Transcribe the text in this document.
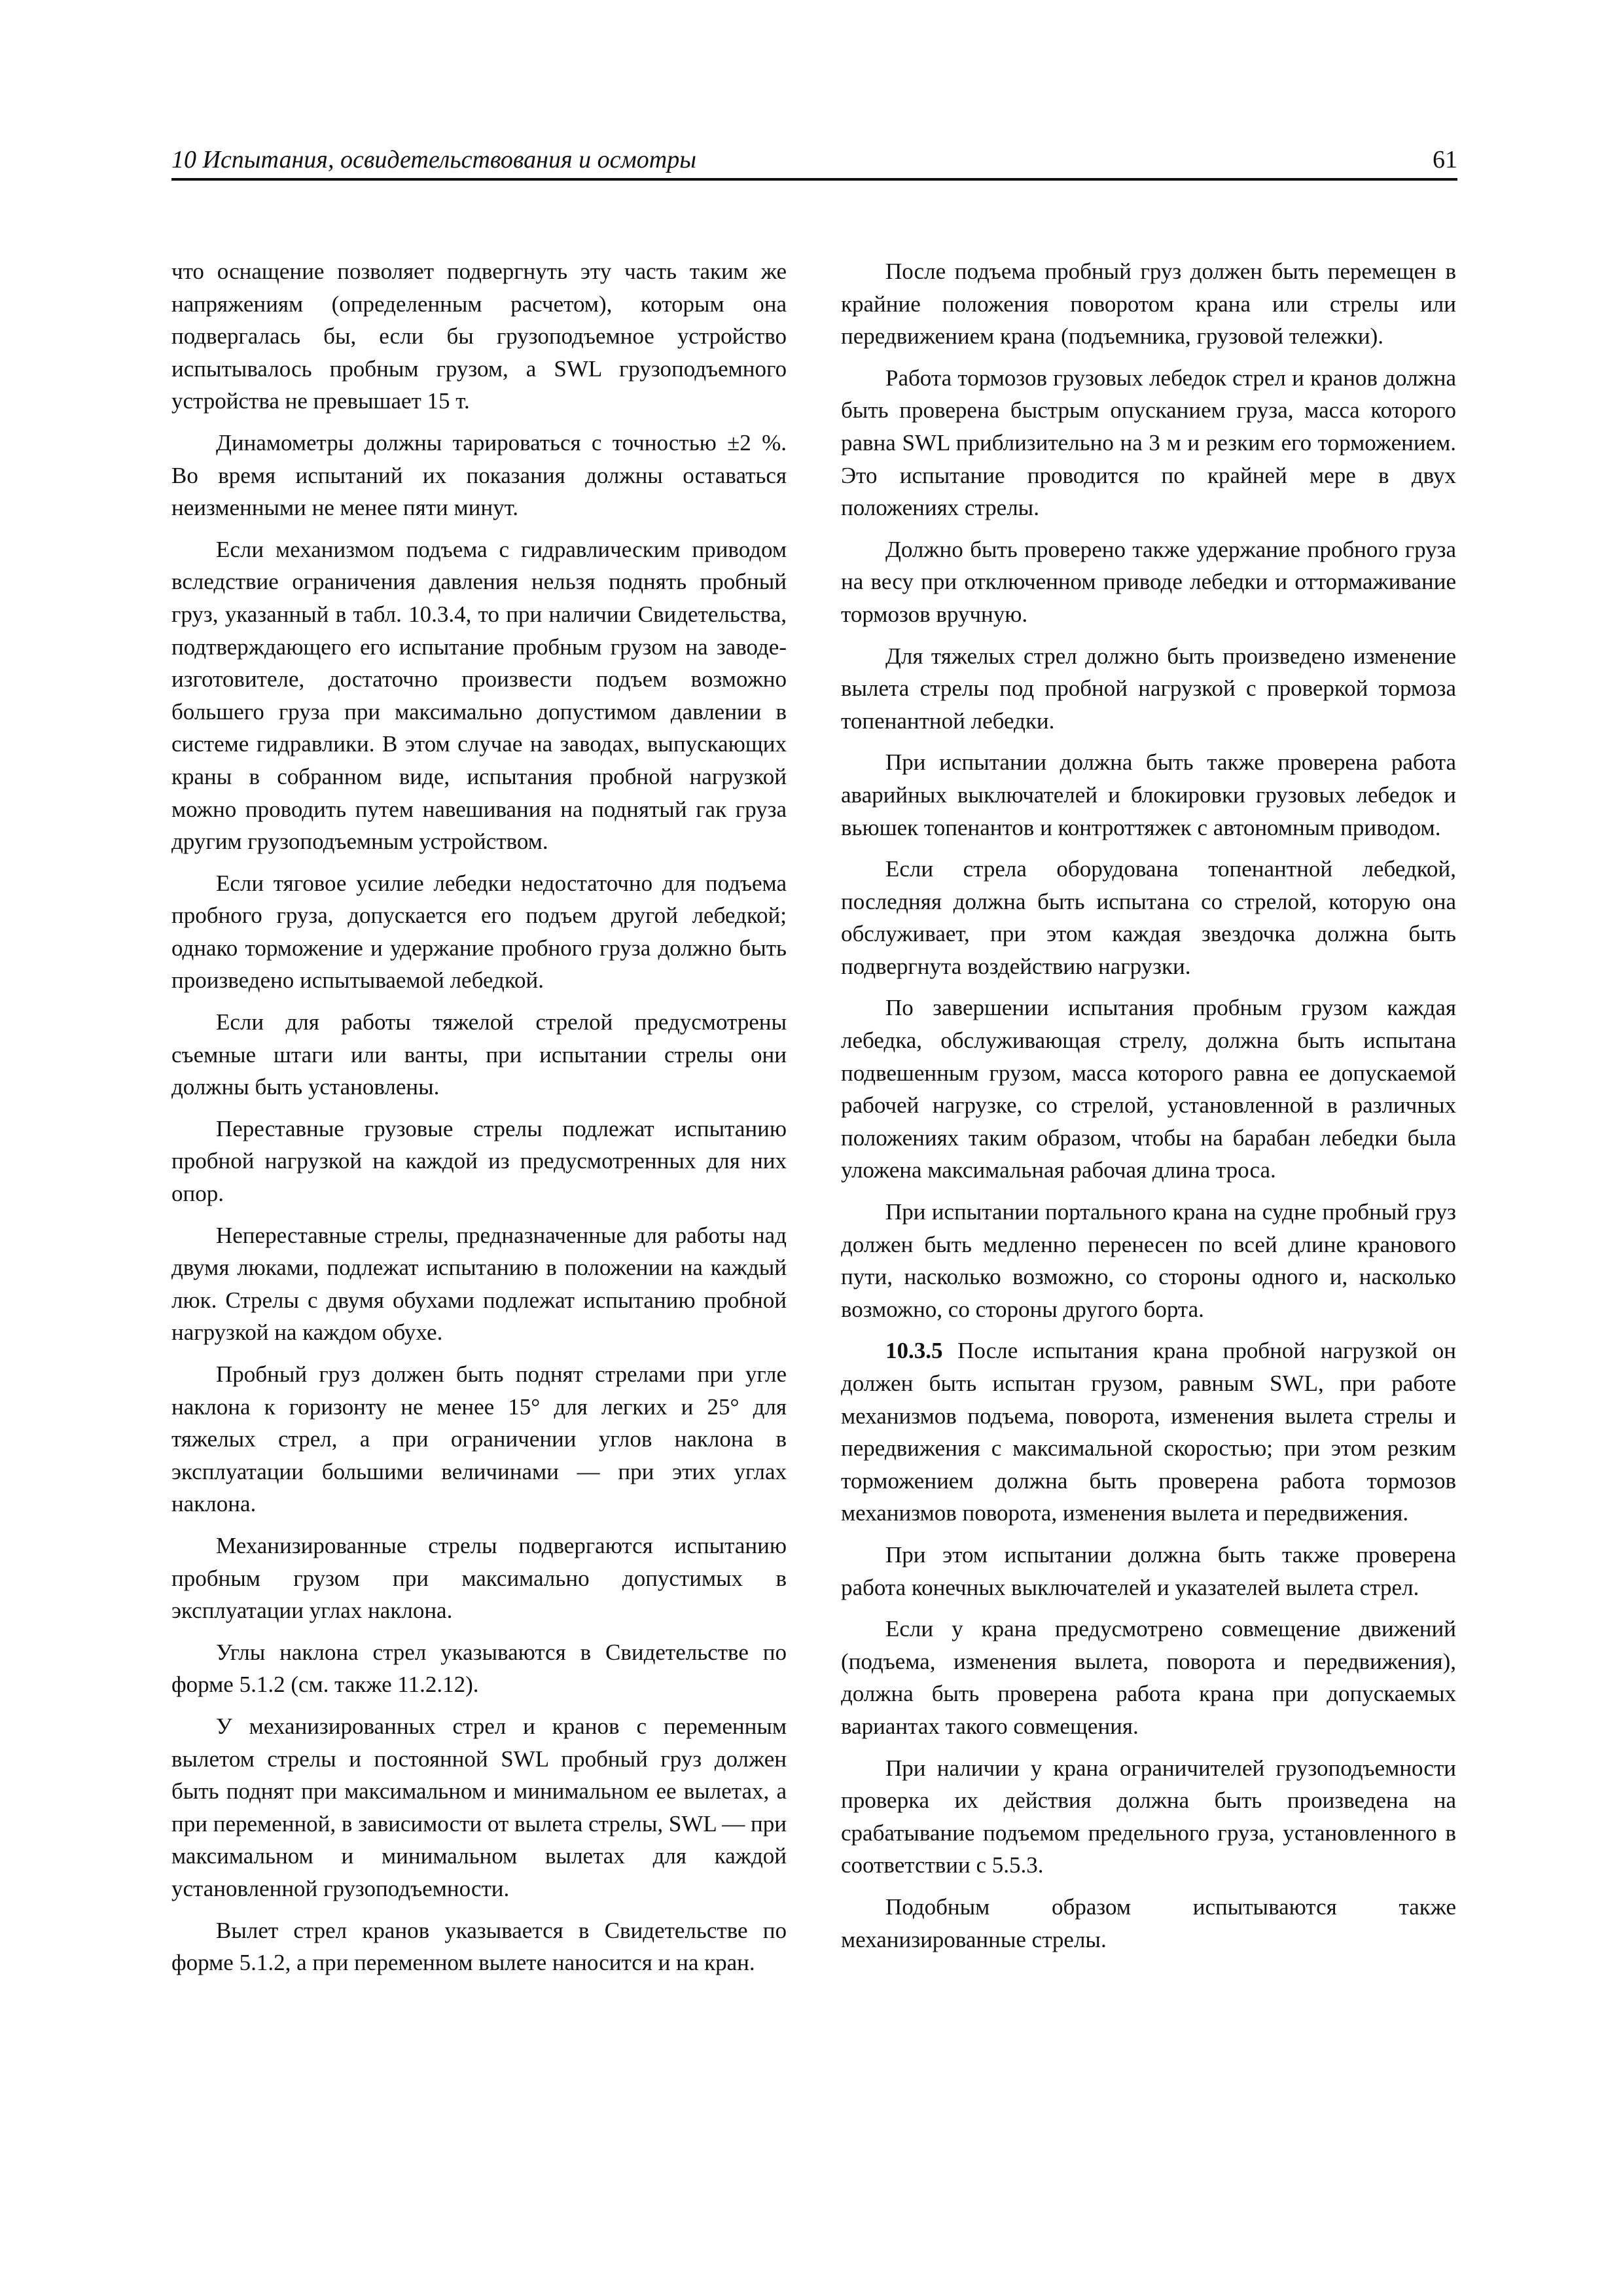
10 Испытания, освидетельствования и осмотры	61

что оснащение позволяет подвергнуть эту часть таким же напряжениям (определенным расчетом), которым она подвергалась бы, если бы грузоподъемное устройство испытывалось пробным грузом, а SWL грузоподъемного устройства не превышает 15 т.

Динамометры должны тарироваться с точностью ±2 %. Во время испытаний их показания должны оставаться неизменными не менее пяти минут.

Если механизмом подъема с гидравлическим приводом вследствие ограничения давления нельзя поднять пробный груз, указанный в табл. 10.3.4, то при наличии Свидетельства, подтверждающего его испытание пробным грузом на заводе-изготовителе, достаточно произвести подъем возможно большего груза при максимально допустимом давлении в системе гидравлики. В этом случае на заводах, выпускающих краны в собранном виде, испытания пробной нагрузкой можно проводить путем навешивания на поднятый гак груза другим грузоподъемным устройством.

Если тяговое усилие лебедки недостаточно для подъема пробного груза, допускается его подъем другой лебедкой; однако торможение и удержание пробного груза должно быть произведено испытываемой лебедкой.

Если для работы тяжелой стрелой предусмотрены съемные штаги или ванты, при испытании стрелы они должны быть установлены.

Переставные грузовые стрелы подлежат испытанию пробной нагрузкой на каждой из предусмотренных для них опор.

Непереставные стрелы, предназначенные для работы над двумя люками, подлежат испытанию в положении на каждый люк. Стрелы с двумя обухами подлежат испытанию пробной нагрузкой на каждом обухе.

Пробный груз должен быть поднят стрелами при угле наклона к горизонту не менее 15° для легких и 25° для тяжелых стрел, а при ограничении углов наклона в эксплуатации большими величинами — при этих углах наклона.

Механизированные стрелы подвергаются испытанию пробным грузом при максимально допустимых в эксплуатации углах наклона.

Углы наклона стрел указываются в Свидетельстве по форме 5.1.2 (см. также 11.2.12).

У механизированных стрел и кранов с переменным вылетом стрелы и постоянной SWL пробный груз должен быть поднят при максимальном и минимальном ее вылетах, а при переменной, в зависимости от вылета стрелы, SWL — при максимальном и минимальном вылетах для каждой установленной грузоподъемности.

Вылет стрел кранов указывается в Свидетельстве по форме 5.1.2, а при переменном вылете наносится и на кран.

После подъема пробный груз должен быть перемещен в крайние положения поворотом крана или стрелы или передвижением крана (подъемника, грузовой тележки).

Работа тормозов грузовых лебедок стрел и кранов должна быть проверена быстрым опусканием груза, масса которого равна SWL приблизительно на 3 м и резким его торможением. Это испытание проводится по крайней мере в двух положениях стрелы.

Должно быть проверено также удержание пробного груза на весу при отключенном приводе лебедки и оттормаживание тормозов вручную.

Для тяжелых стрел должно быть произведено изменение вылета стрелы под пробной нагрузкой с проверкой тормоза топенантной лебедки.

При испытании должна быть также проверена работа аварийных выключателей и блокировки грузовых лебедок и вьюшек топенантов и контроттяжек с автономным приводом.

Если стрела оборудована топенантной лебедкой, последняя должна быть испытана со стрелой, которую она обслуживает, при этом каждая звездочка должна быть подвергнута воздействию нагрузки.

По завершении испытания пробным грузом каждая лебедка, обслуживающая стрелу, должна быть испытана подвешенным грузом, масса которого равна ее допускаемой рабочей нагрузке, со стрелой, установленной в различных положениях таким образом, чтобы на барабан лебедки была уложена максимальная рабочая длина троса.

При испытании портального крана на судне пробный груз должен быть медленно перенесен по всей длине кранового пути, насколько возможно, со стороны одного и, насколько возможно, со стороны другого борта.

10.3.5 После испытания крана пробной нагрузкой он должен быть испытан грузом, равным SWL, при работе механизмов подъема, поворота, изменения вылета стрелы и передвижения с максимальной скоростью; при этом резким торможением должна быть проверена работа тормозов механизмов поворота, изменения вылета и передвижения.

При этом испытании должна быть также проверена работа конечных выключателей и указателей вылета стрел.

Если у крана предусмотрено совмещение движений (подъема, изменения вылета, поворота и передвижения), должна быть проверена работа крана при допускаемых вариантах такого совмещения.

При наличии у крана ограничителей грузоподъемности проверка их действия должна быть произведена на срабатывание подъемом предельного груза, установленного в соответствии с 5.5.3.

Подобным образом испытываются также механизированные стрелы.
